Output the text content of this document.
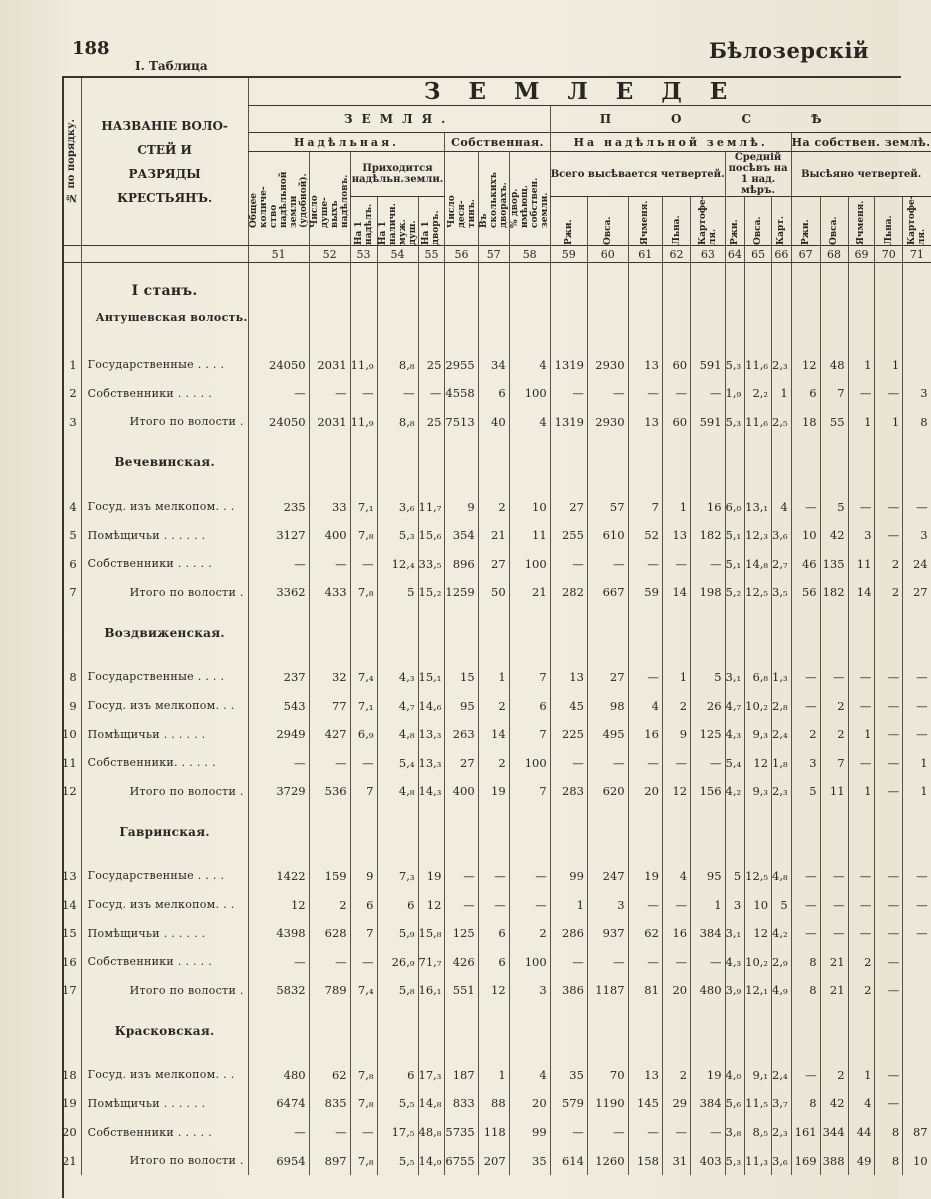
188	Бѣлозерскій
I. Таблица
№ по порядку.	НАЗВАНІЕ ВОЛО- СТЕЙ И РАЗРЯДЫ КРЕСТЬЯНЪ.	ЗЕМЛЕДЕ																				
		ЗЕМЛЯ.								ПОСѢ												
		Надѣльная.					Собственная.			На надѣльной землѣ.								На собствен. землѣ.				

		Общее количе- ство надѣльной земли (удобной).	Число душе- выхъ надѣловъ.	Приходится надѣльн.земли.			Число деся- тинъ.	Въ сколькихъ дворахъ.	% двор. имѣющ. собствен. земли.	Всего высѣвается четвертей.					Средній посѣвъ на 1 над. мѣръ.			Высѣяно четвертей.				

				На 1 надѣлъ.	На 1 наличн. муж. душ.	На 1 дворъ.				Ржи.	Овса.	Ячменя.	Льна.	Картофе- ля.	Ржи.	Овса.	Карт.	Ржи.	Овса.	Ячменя.	Льна.	Картофе- ля.

		51	52	53	54	55	56	57	58	59	60	61	62	63	64	65	66	67	68	69	70	71

	I станъ.																					
	Антушевская волость.																					

1	Государственные . . . .	24050	2031	11,₉	8,₈	25	2955	34	4	1319	2930	13	60	591	5,₃	11,₆	2,₃	12	48	1	1	
2	Собственники . . . . .	—	—	—	—	—	4558	6	100	—	—	—	—	—	1,₉	2,₂	1	6	7	—	—	3
3	Итого по волости .	24050	2031	11,₉	8,₈	25	7513	40	4	1319	2930	13	60	591	5,₃	11,₆	2,₅	18	55	1	1	8

	Вечевинская.																					

4	Госуд. изъ мелкопом. . .	235	33	7,₁	3,₆	11,₇	9	2	10	27	57	7	1	16	6,₀	13,₁	4	—	5	—	—	—
5	Помѣщичьи . . . . . .	3127	400	7,₈	5,₃	15,₆	354	21	11	255	610	52	13	182	5,₁	12,₃	3,₆	10	42	3	—	3
6	Собственники . . . . .	—	—	—	12,₄	33,₅	896	27	100	—	—	—	—	—	5,₁	14,₈	2,₇	46	135	11	2	24
7	Итого по волости .	3362	433	7,₈	5	15,₂	1259	50	21	282	667	59	14	198	5,₂	12,₅	3,₅	56	182	14	2	27

	Воздвиженская.																					

8	Государственные . . . .	237	32	7,₄	4,₃	15,₁	15	1	7	13	27	—	1	5	3,₁	6,₈	1,₃	—	—	—	—	—
9	Госуд. изъ мелкопом. . .	543	77	7,₁	4,₇	14,₆	95	2	6	45	98	4	2	26	4,₇	10,₂	2,₈	—	2	—	—	—
10	Помѣщичьи . . . . . .	2949	427	6,₉	4,₈	13,₃	263	14	7	225	495	16	9	125	4,₃	9,₃	2,₄	2	2	1	—	—
11	Собственники. . . . . .	—	—	—	5,₄	13,₃	27	2	100	—	—	—	—	—	5,₄	12	1,₈	3	7	—	—	1
12	Итого по волости .	3729	536	7	4,₈	14,₃	400	19	7	283	620	20	12	156	4,₂	9,₃	2,₃	5	11	1	—	1

	Гавринская.																					

13	Государственные . . . .	1422	159	9	7,₃	19	—	—	—	99	247	19	4	95	5	12,₅	4,₈	—	—	—	—	—
14	Госуд. изъ мелкопом. . .	12	2	6	6	12	—	—	—	1	3	—	—	1	3	10	5	—	—	—	—	—
15	Помѣщичьи . . . . . .	4398	628	7	5,₉	15,₈	125	6	2	286	937	62	16	384	3,₁	12	4,₂	—	—	—	—	—
16	Собственники . . . . .	—	—	—	26,₉	71,₇	426	6	100	—	—	—	—	—	4,₃	10,₂	2,₉	8	21	2	—	
17	Итого по волости .	5832	789	7,₄	5,₈	16,₁	551	12	3	386	1187	81	20	480	3,₉	12,₁	4,₉	8	21	2	—	

	Красковская.																					

18	Госуд. изъ мелкопом. . .	480	62	7,₈	6	17,₃	187	1	4	35	70	13	2	19	4,₀	9,₁	2,₄	—	2	1	—	
19	Помѣщичьи . . . . . .	6474	835	7,₈	5,₅	14,₈	833	88	20	579	1190	145	29	384	5,₆	11,₅	3,₇	8	42	4	—	
20	Собственники . . . . .	—	—	—	17,₅	48,₈	5735	118	99	—	—	—	—	—	3,₈	8,₅	2,₃	161	344	44	8	87
21	Итого по волости .	6954	897	7,₈	5,₅	14,₉	6755	207	35	614	1260	158	31	403	5,₃	11,₃	3,₆	169	388	49	8	10
